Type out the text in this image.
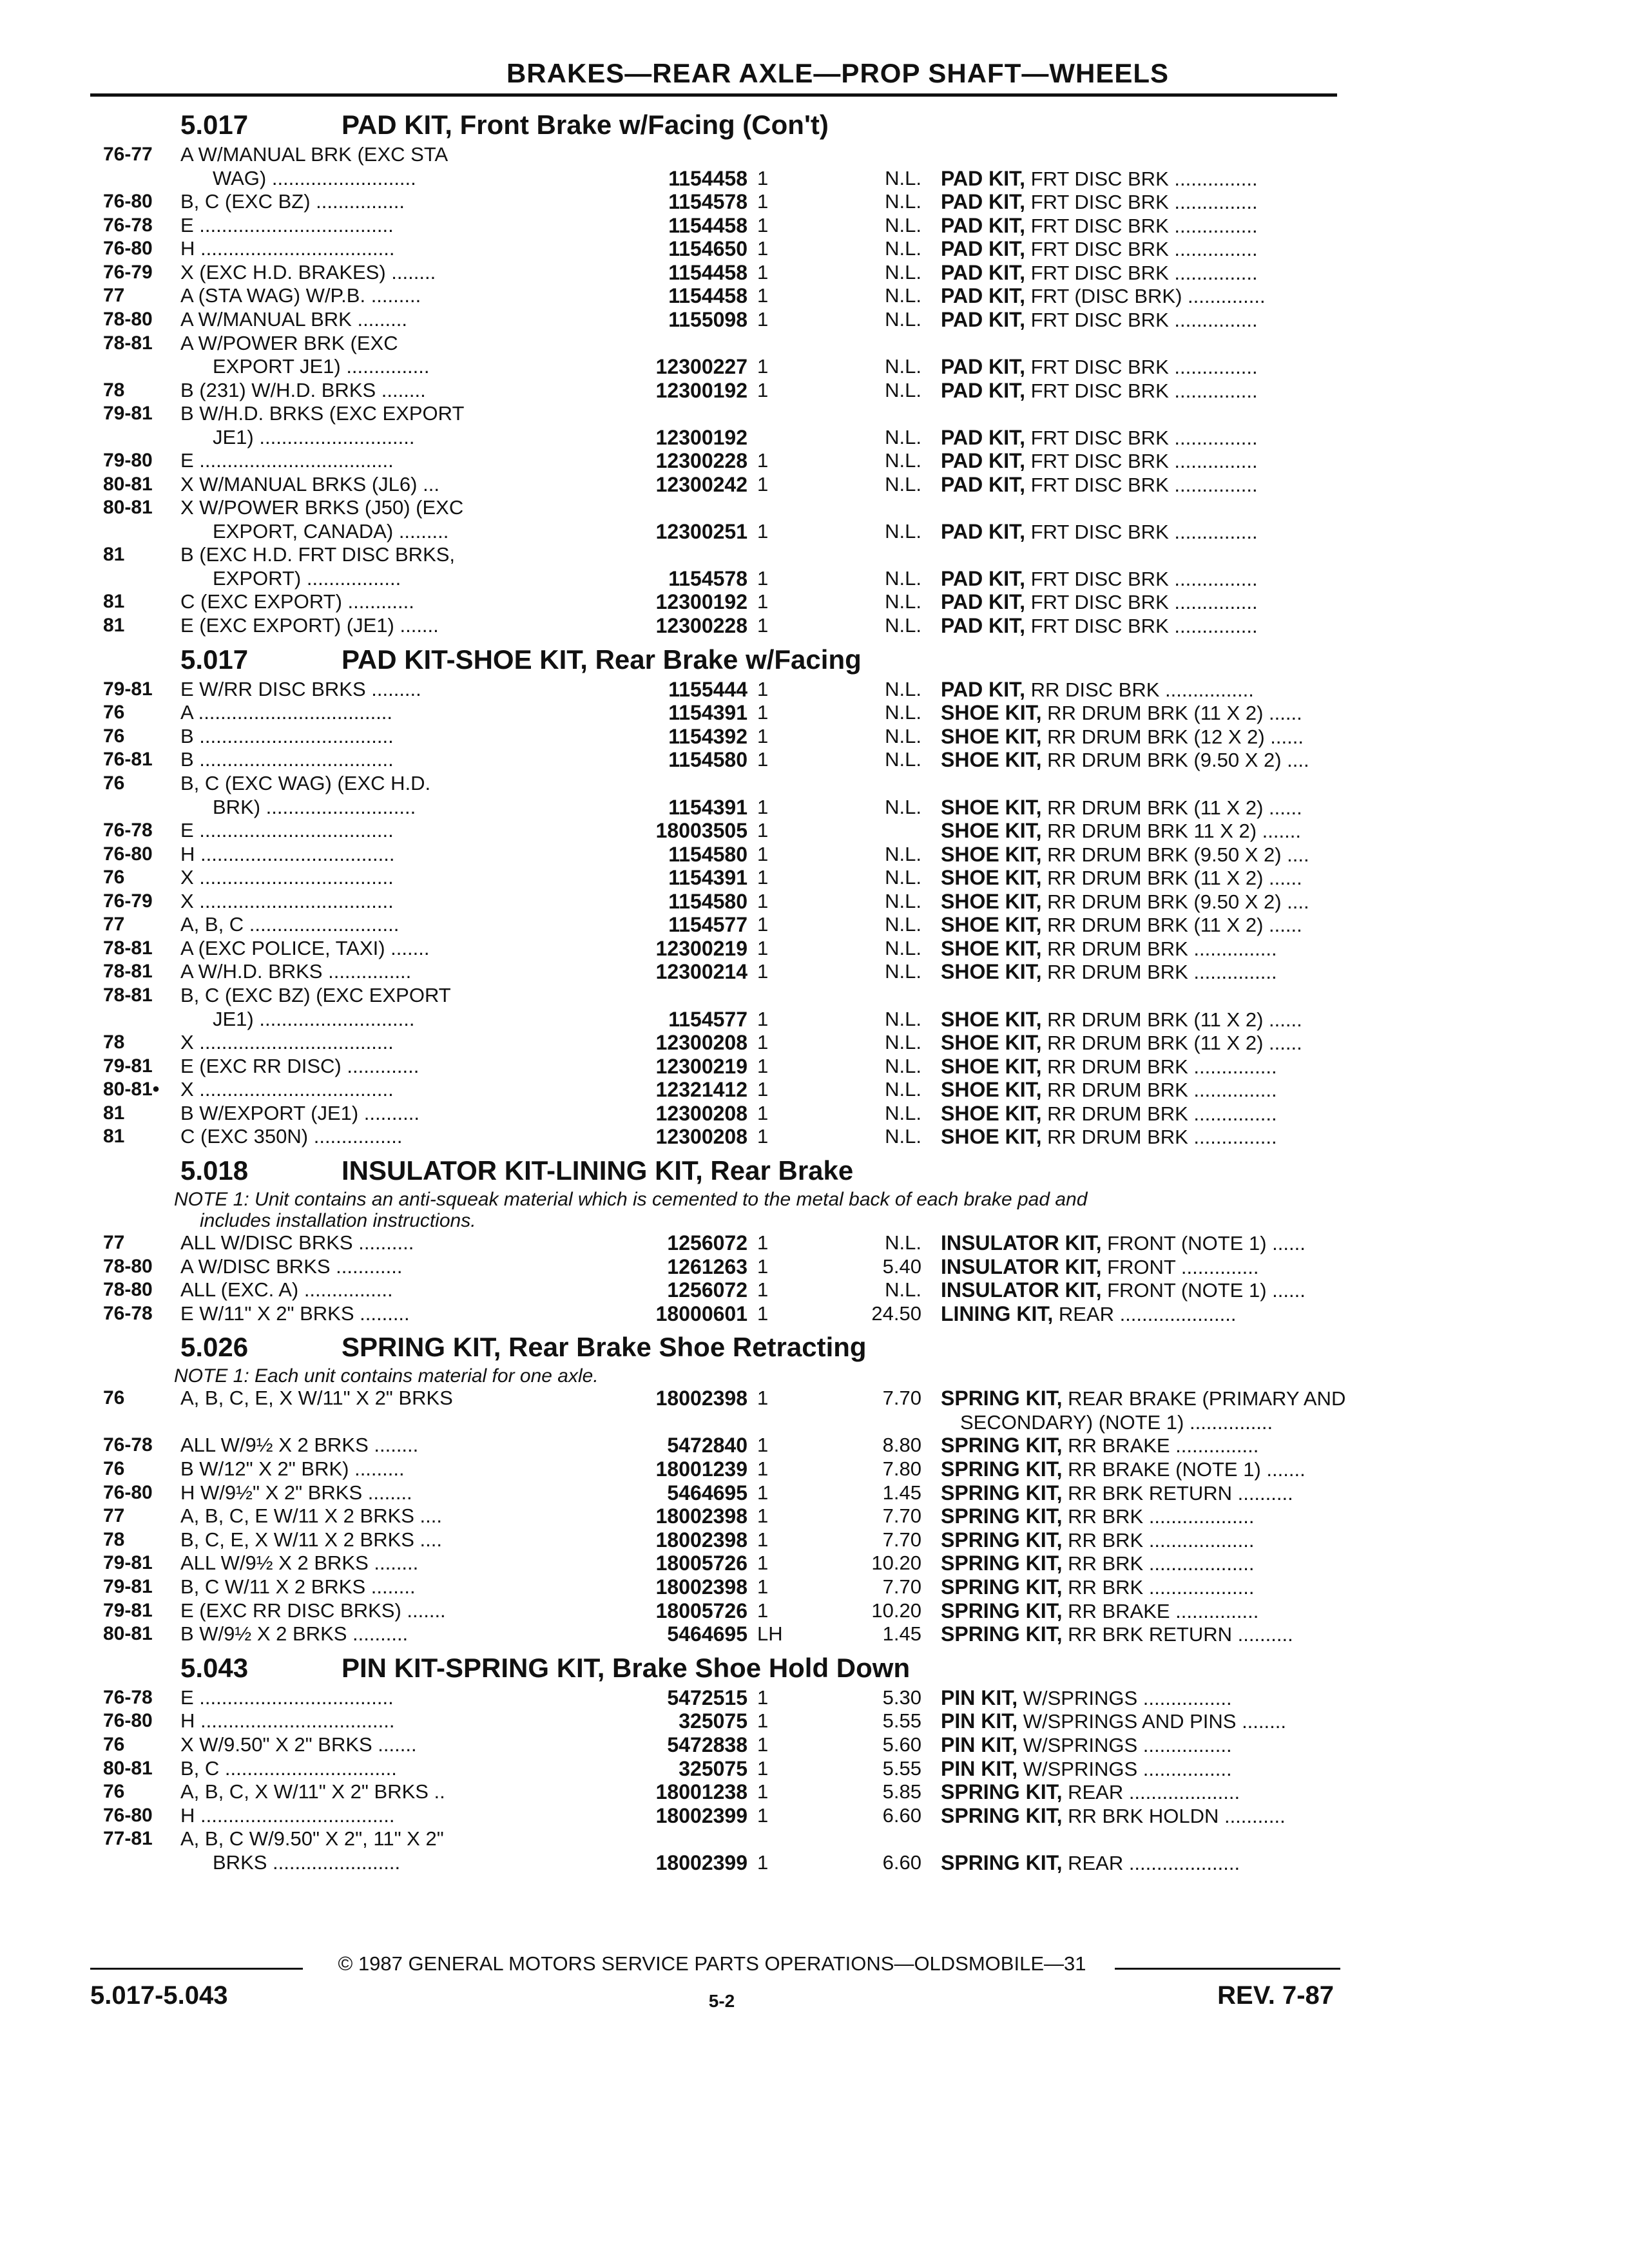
BRAKES—REAR AXLE—PROP SHAFT—WHEELS
5.017	PAD KIT, Front Brake w/Facing (Con't)
76-77	A W/MANUAL BRK (EXC STA
WAG) ..........................	1154458 1	N.L. PAD KIT, FRT DISC BRK ...............
76-80	B, C (EXC BZ) ................	1154578 1	N.L. PAD KIT, FRT DISC BRK ...............
76-78	E ...................................	1154458 1	N.L. PAD KIT, FRT DISC BRK ...............
76-80	H ...................................	1154650 1	N.L. PAD KIT, FRT DISC BRK ...............
76-79	X (EXC H.D. BRAKES) ........	1154458 1	N.L. PAD KIT, FRT DISC BRK ...............
77	A (STA WAG) W/P.B. .........	1154458 1	N.L. PAD KIT, FRT (DISC BRK) ..............
78-80	A W/MANUAL BRK .........	1155098 1	N.L. PAD KIT, FRT DISC BRK ...............
78-81	A W/POWER BRK (EXC
EXPORT JE1) ...............	12300227 1	N.L. PAD KIT, FRT DISC BRK ...............
78	B (231) W/H.D. BRKS ........	12300192 1	N.L. PAD KIT, FRT DISC BRK ...............
79-81	B W/H.D. BRKS (EXC EXPORT
JE1) ............................	12300192	N.L. PAD KIT, FRT DISC BRK ...............
79-80	E ...................................	12300228 1	N.L. PAD KIT, FRT DISC BRK ...............
80-81	X W/MANUAL BRKS (JL6) ...	12300242 1	N.L. PAD KIT, FRT DISC BRK ...............
80-81	X W/POWER BRKS (J50) (EXC
EXPORT, CANADA) .........	12300251 1	N.L. PAD KIT, FRT DISC BRK ...............
81	B (EXC H.D. FRT DISC BRKS,
EXPORT) .................	1154578 1	N.L. PAD KIT, FRT DISC BRK ...............
81	C (EXC EXPORT) ............	12300192 1	N.L. PAD KIT, FRT DISC BRK ...............
81	E (EXC EXPORT) (JE1) .......	12300228 1	N.L. PAD KIT, FRT DISC BRK ...............
5.017	PAD KIT-SHOE KIT, Rear Brake w/Facing
79-81	E W/RR DISC BRKS .........	1155444 1	N.L. PAD KIT, RR DISC BRK ................
76	A ...................................	1154391 1	N.L. SHOE KIT, RR DRUM BRK (11 X 2) ......
76	B ...................................	1154392 1	N.L. SHOE KIT, RR DRUM BRK (12 X 2) ......
76-81	B ...................................	1154580 1	N.L. SHOE KIT, RR DRUM BRK (9.50 X 2) ....
76	B, C (EXC WAG) (EXC H.D.
BRK) ...........................	1154391 1	N.L. SHOE KIT, RR DRUM BRK (11 X 2) ......
76-78	E ...................................	18003505 1	SHOE KIT, RR DRUM BRK 11 X 2) .......
76-80	H ...................................	1154580 1	N.L. SHOE KIT, RR DRUM BRK (9.50 X 2) ....
76	X ...................................	1154391 1	N.L. SHOE KIT, RR DRUM BRK (11 X 2) ......
76-79	X ...................................	1154580 1	N.L. SHOE KIT, RR DRUM BRK (9.50 X 2) ....
77	A, B, C ...........................	1154577 1	N.L. SHOE KIT, RR DRUM BRK (11 X 2) ......
78-81	A (EXC POLICE, TAXI) .......	12300219 1	N.L. SHOE KIT, RR DRUM BRK ...............
78-81	A W/H.D. BRKS ...............	12300214 1	N.L. SHOE KIT, RR DRUM BRK ...............
78-81	B, C (EXC BZ) (EXC EXPORT
JE1) ............................	1154577 1	N.L. SHOE KIT, RR DRUM BRK (11 X 2) ......
78	X ...................................	12300208 1	N.L. SHOE KIT, RR DRUM BRK (11 X 2) ......
79-81	E (EXC RR DISC) .............	12300219 1	N.L. SHOE KIT, RR DRUM BRK ...............
80-81•	X ...................................	12321412 1	N.L. SHOE KIT, RR DRUM BRK ...............
81	B W/EXPORT (JE1) ..........	12300208 1	N.L. SHOE KIT, RR DRUM BRK ...............
81	C (EXC 350N) ................	12300208 1	N.L. SHOE KIT, RR DRUM BRK ...............
5.018	INSULATOR KIT-LINING KIT, Rear Brake
NOTE 1: Unit contains an anti-squeak material which is cemented to the metal back of each brake pad and

includes installation instructions.
77	ALL W/DISC BRKS ..........	1256072 1	N.L. INSULATOR KIT, FRONT (NOTE 1) ......
78-80	A W/DISC BRKS ............	1261263 1	5.40 INSULATOR KIT, FRONT ..............
78-80	ALL (EXC. A) ................	1256072 1	N.L. INSULATOR KIT, FRONT (NOTE 1) ......
76-78	E W/11" X 2" BRKS .........	18000601 1	24.50 LINING KIT, REAR .....................
5.026	SPRING KIT, Rear Brake Shoe Retracting
NOTE 1: Each unit contains material for one axle.

76	A, B, C, E, X W/11" X 2" BRKS	18002398 1	7.70 SPRING KIT, REAR BRAKE (PRIMARY AND
SECONDARY) (NOTE 1) ...............
76-78	ALL W/9½ X 2 BRKS ........	5472840 1	8.80 SPRING KIT, RR BRAKE ...............
76	B W/12" X 2" BRK) .........	18001239 1	7.80 SPRING KIT, RR BRAKE (NOTE 1) .......
76-80	H W/9½" X 2" BRKS ........	5464695 1	1.45 SPRING KIT, RR BRK RETURN ..........
77	A, B, C, E W/11 X 2 BRKS ....	18002398 1	7.70 SPRING KIT, RR BRK ...................
78	B, C, E, X W/11 X 2 BRKS ....	18002398 1	7.70 SPRING KIT, RR BRK ...................
79-81	ALL W/9½ X 2 BRKS ........	18005726 1	10.20 SPRING KIT, RR BRK ...................
79-81	B, C W/11 X 2 BRKS ........	18002398 1	7.70 SPRING KIT, RR BRK ...................
79-81	E (EXC RR DISC BRKS) .......	18005726 1	10.20 SPRING KIT, RR BRAKE ...............
80-81	B W/9½ X 2 BRKS ..........	5464695 LH	1.45 SPRING KIT, RR BRK RETURN ..........
5.043	PIN KIT-SPRING KIT, Brake Shoe Hold Down
76-78	E ...................................	5472515 1	5.30 PIN KIT, W/SPRINGS ................
76-80	H ...................................	325075 1	5.55 PIN KIT, W/SPRINGS AND PINS ........
76	X W/9.50" X 2" BRKS .......	5472838 1	5.60 PIN KIT, W/SPRINGS ................
80-81	B, C ...............................	325075 1	5.55 PIN KIT, W/SPRINGS ................
76	A, B, C, X W/11" X 2" BRKS ..	18001238 1	5.85 SPRING KIT, REAR ....................
76-80	H ...................................	18002399 1	6.60 SPRING KIT, RR BRK HOLDN ...........
77-81	A, B, C W/9.50" X 2", 11" X 2"
BRKS .......................	18002399 1	6.60 SPRING KIT, REAR ....................
© 1987 GENERAL MOTORS SERVICE PARTS OPERATIONS—OLDSMOBILE—31
5.017-5.043	5-2	REV. 7-87
